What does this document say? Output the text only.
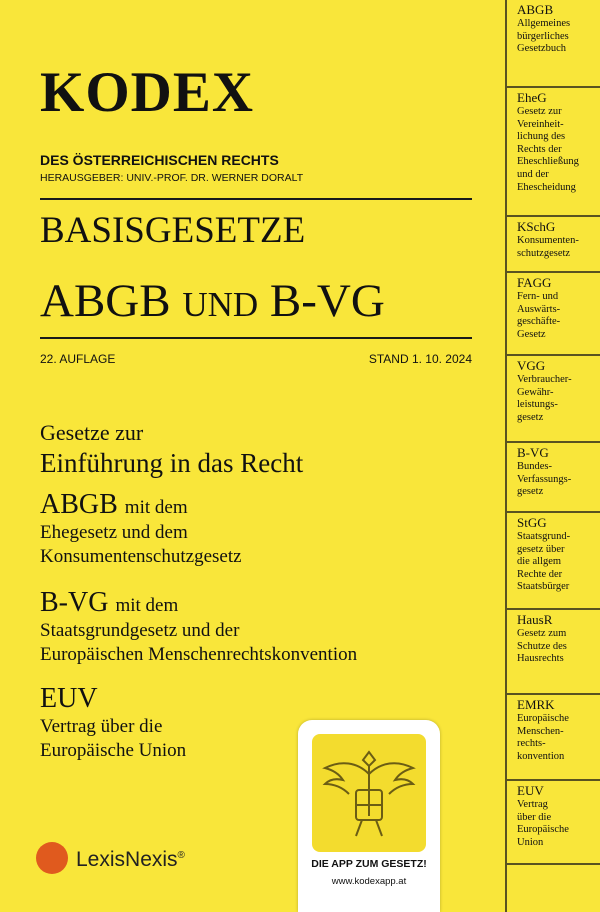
KODEX
DES ÖSTERREICHISCHEN RECHTS
HERAUSGEBER: UNIV.-PROF. DR. WERNER DORALT
BASISGESETZE
ABGB UND B-VG
22. AUFLAGE	STAND 1. 10. 2024
Gesetze zur
Einführung in das Recht
ABGB mit dem
Ehegesetz und dem
Konsumentenschutzgesetz
B-VG mit dem
Staatsgrundgesetz und der
Europäischen Menschenrechtskonvention
EUV
Vertrag über die
Europäische Union
DIE APP ZUM GESETZ!
www.kodexapp.at
LexisNexis®
ABGB
Allgemeines
bürgerliches
Gesetzbuch
EheG
Gesetz zur
Vereinheit-
lichung des
Rechts der
Eheschließung
und der
Ehescheidung
KSchG
Konsumenten-
schutzgesetz
FAGG
Fern- und
Auswärts-
geschäfte-
Gesetz
VGG
Verbraucher-
Gewähr-
leistungs-
gesetz
B-VG
Bundes-
Verfassungs-
gesetz
StGG
Staatsgrund-
gesetz über
die allgem
Rechte der
Staatsbürger
HausR
Gesetz zum
Schutze des
Hausrechts
EMRK
Europäische
Menschen-
rechts-
konvention
EUV
Vertrag
über die
Europäische
Union
